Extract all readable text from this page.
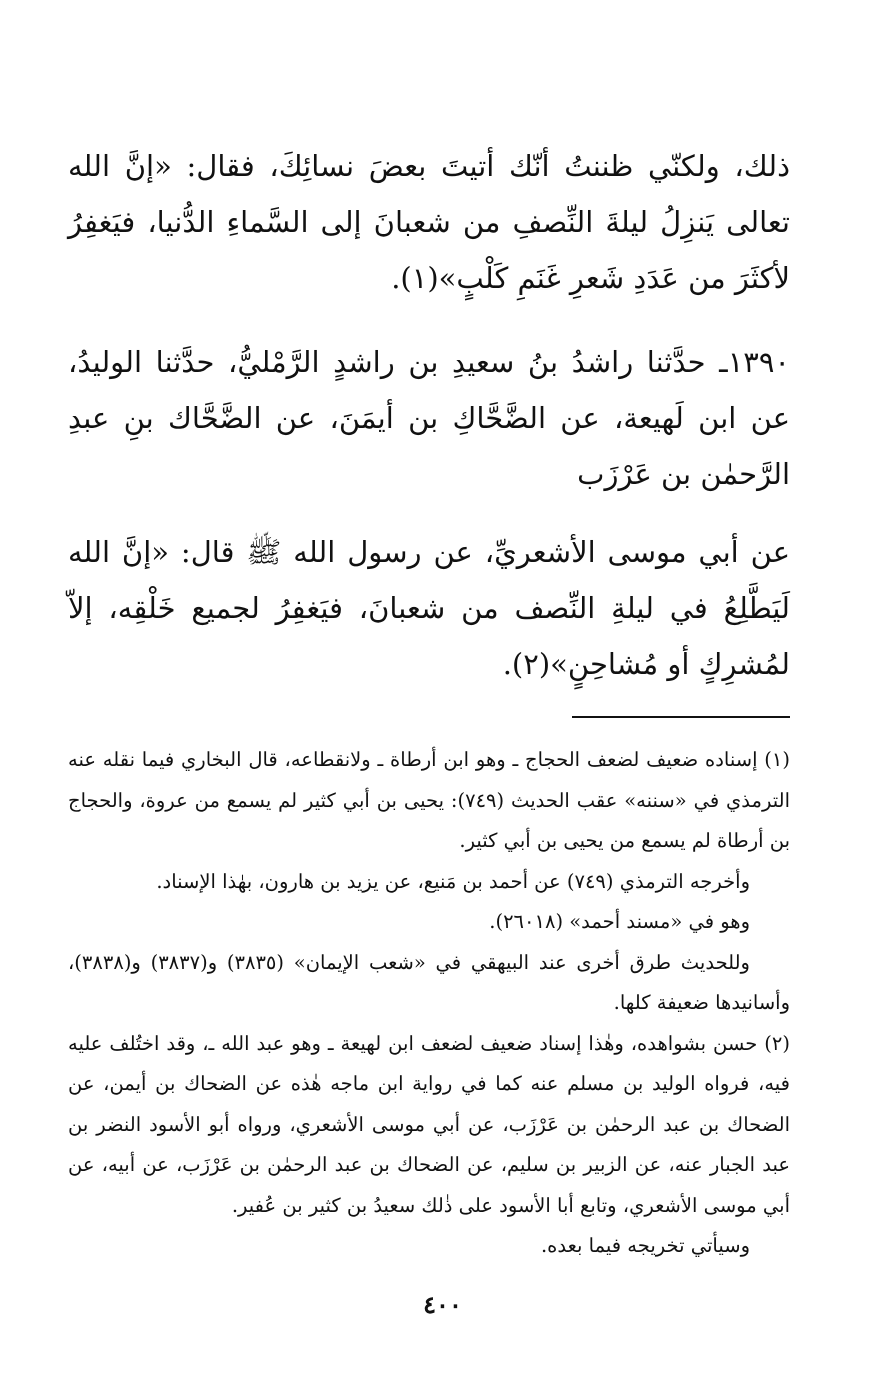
ذلك، ولكنّي ظننتُ أنّك أتيتَ بعضَ نسائِكَ، فقال: «إنَّ الله تعالى يَنزِلُ ليلةَ النِّصفِ من شعبانَ إلى السَّماءِ الدُّنيا، فيَغفِرُ لأكثَرَ من عَدَدِ شَعرِ غَنَمِ كَلْبٍ»(١).

١٣٩٠ـ حدَّثنا راشدُ بنُ سعيدِ بن راشدٍ الرَّمْليُّ، حدَّثنا الوليدُ، عن ابن لَهيعة، عن الضَّحَّاكِ بن أيمَنَ، عن الضَّحَّاك بنِ عبدِ الرَّحمٰن بن عَرْزَب

عن أبي موسى الأشعريِّ، عن رسول الله ﷺ قال: «إنَّ الله لَيَطَّلِعُ في ليلةِ النِّصف من شعبانَ، فيَغفِرُ لجميع خَلْقِه، إلاّ لمُشرِكٍ أو مُشاحِنٍ»(٢).

(١) إسناده ضعيف لضعف الحجاج ـ وهو ابن أرطاة ـ ولانقطاعه، قال البخاري فيما نقله عنه الترمذي في «سننه» عقب الحديث (٧٤٩): يحيى بن أبي كثير لم يسمع من عروة، والحجاج بن أرطاة لم يسمع من يحيى بن أبي كثير.

وأخرجه الترمذي (٧٤٩) عن أحمد بن مَنيع، عن يزيد بن هارون، بهٰذا الإسناد.

وهو في «مسند أحمد» (٢٦٠١٨).

وللحديث طرق أخرى عند البيهقي في «شعب الإيمان» (٣٨٣٥) و(٣٨٣٧) و(٣٨٣٨)، وأسانيدها ضعيفة كلها.

(٢) حسن بشواهده، وهٰذا إسناد ضعيف لضعف ابن لهيعة ـ وهو عبد الله ـ، وقد اختُلف عليه فيه، فرواه الوليد بن مسلم عنه كما في رواية ابن ماجه هٰذه عن الضحاك بن أيمن، عن الضحاك بن عبد الرحمٰن بن عَرْزَب، عن أبي موسى الأشعري، ورواه أبو الأسود النضر بن عبد الجبار عنه، عن الزبير بن سليم، عن الضحاك بن عبد الرحمٰن بن عَرْزَب، عن أبيه، عن أبي موسى الأشعري، وتابع أبا الأسود على ذٰلك سعيدُ بن كثير بن عُفير.

وسيأتي تخريجه فيما بعده.

٤٠٠
